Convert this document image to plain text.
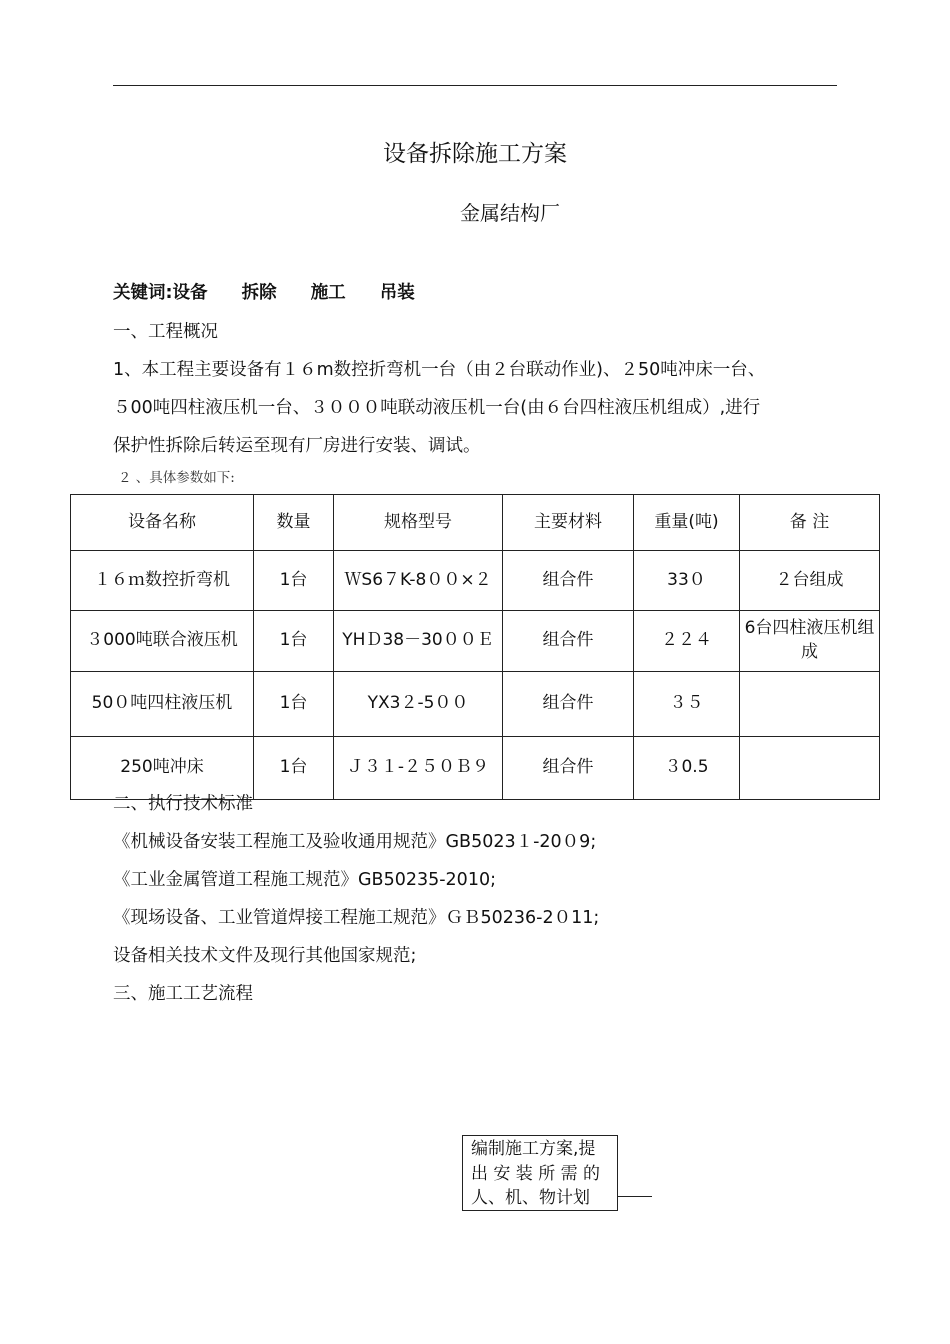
设备拆除施工方案
金属结构厂
关键词:设备 拆除 施工 吊装
一、工程概况
1、本工程主要设备有１６m数控折弯机一台（由２台联动作业)、２50吨冲床一台、
５00吨四柱液压机一台、３０００吨联动液压机一台(由６台四柱液压机组成）,进行
保护性拆除后转运至现有厂房进行安装、调试。
２ 、具体参数如下:
设备名称	数量	规格型号	主要材料	重量(吨)	备 注
１６ｍ数控折弯机	1台	ＷS6７K-8００×２	组合件	33０	２台组成
３000吨联合液压机	1台	YHＤ38－30００Ｅ	组合件	２２４	6台四柱液压机组成
50０吨四柱液压机	1台	YX3２-5００	组合件	３５	
250吨冲床	1台	Ｊ３１-２５０Ｂ９	组合件	３0.5	
二、执行技术标准
《机械设备安装工程施工及验收通用规范》GB5023１-20０9;
《工业金属管道工程施工规范》GB50235-2010;
《现场设备、工业管道焊接工程施工规范》ＧＢ50236-2０11;
设备相关技术文件及现行其他国家规范;
三、施工工艺流程
编制施工方案,提
出 安 装 所 需 的
人、机、物计划
